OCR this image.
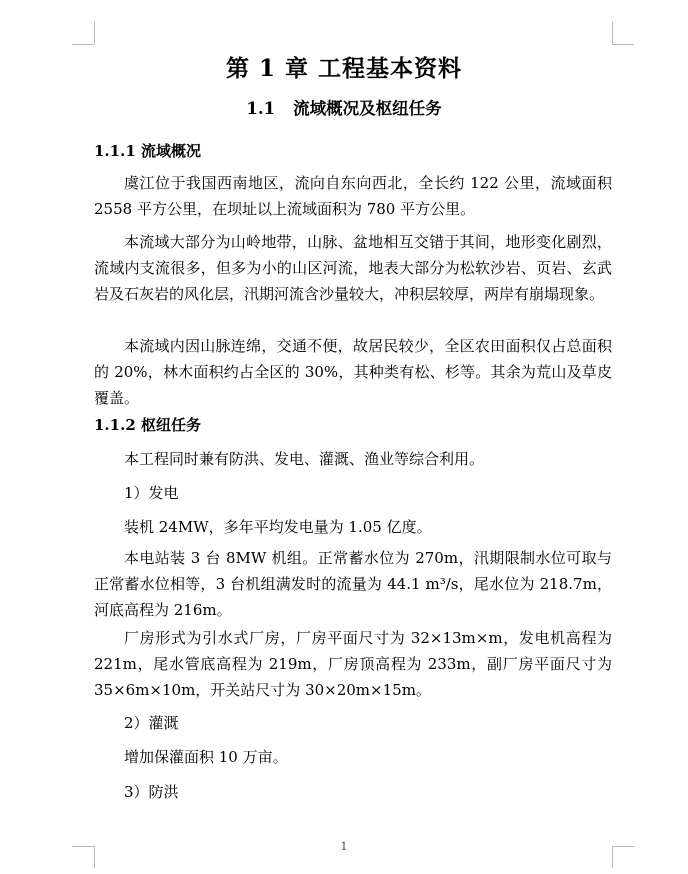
第 1 章 工程基本资料
1.1 流域概况及枢纽任务
1.1.1 流域概况

虞江位于我国西南地区，流向自东向西北，全长约 122 公里，流域面积 2558 平方公里，在坝址以上流域面积为 780 平方公里。

本流域大部分为山岭地带，山脉、盆地相互交错于其间，地形变化剧烈，流域内支流很多，但多为小的山区河流，地表大部分为松软沙岩、页岩、玄武岩及石灰岩的风化层，汛期河流含沙量较大，冲积层较厚，两岸有崩塌现象。

本流域内因山脉连绵，交通不便，故居民较少，全区农田面积仅占总面积的 20%，林木面积约占全区的 30%，其种类有松、杉等。其余为荒山及草皮覆盖。

1.1.2 枢纽任务

本工程同时兼有防洪、发电、灌溉、渔业等综合利用。

1）发电

装机 24MW，多年平均发电量为 1.05 亿度。

本电站装 3 台 8MW 机组。正常蓄水位为 270m，汛期限制水位可取与正常蓄水位相等，3 台机组满发时的流量为 44.1 m³/s，尾水位为 218.7m，河底高程为 216m。

厂房形式为引水式厂房，厂房平面尺寸为 32×13m×m，发电机高程为 221m，尾水管底高程为 219m，厂房顶高程为 233m，副厂房平面尺寸为 35×6m×10m，开关站尺寸为 30×20m×15m。

2）灌溉

增加保灌面积 10 万亩。

3）防洪

1
